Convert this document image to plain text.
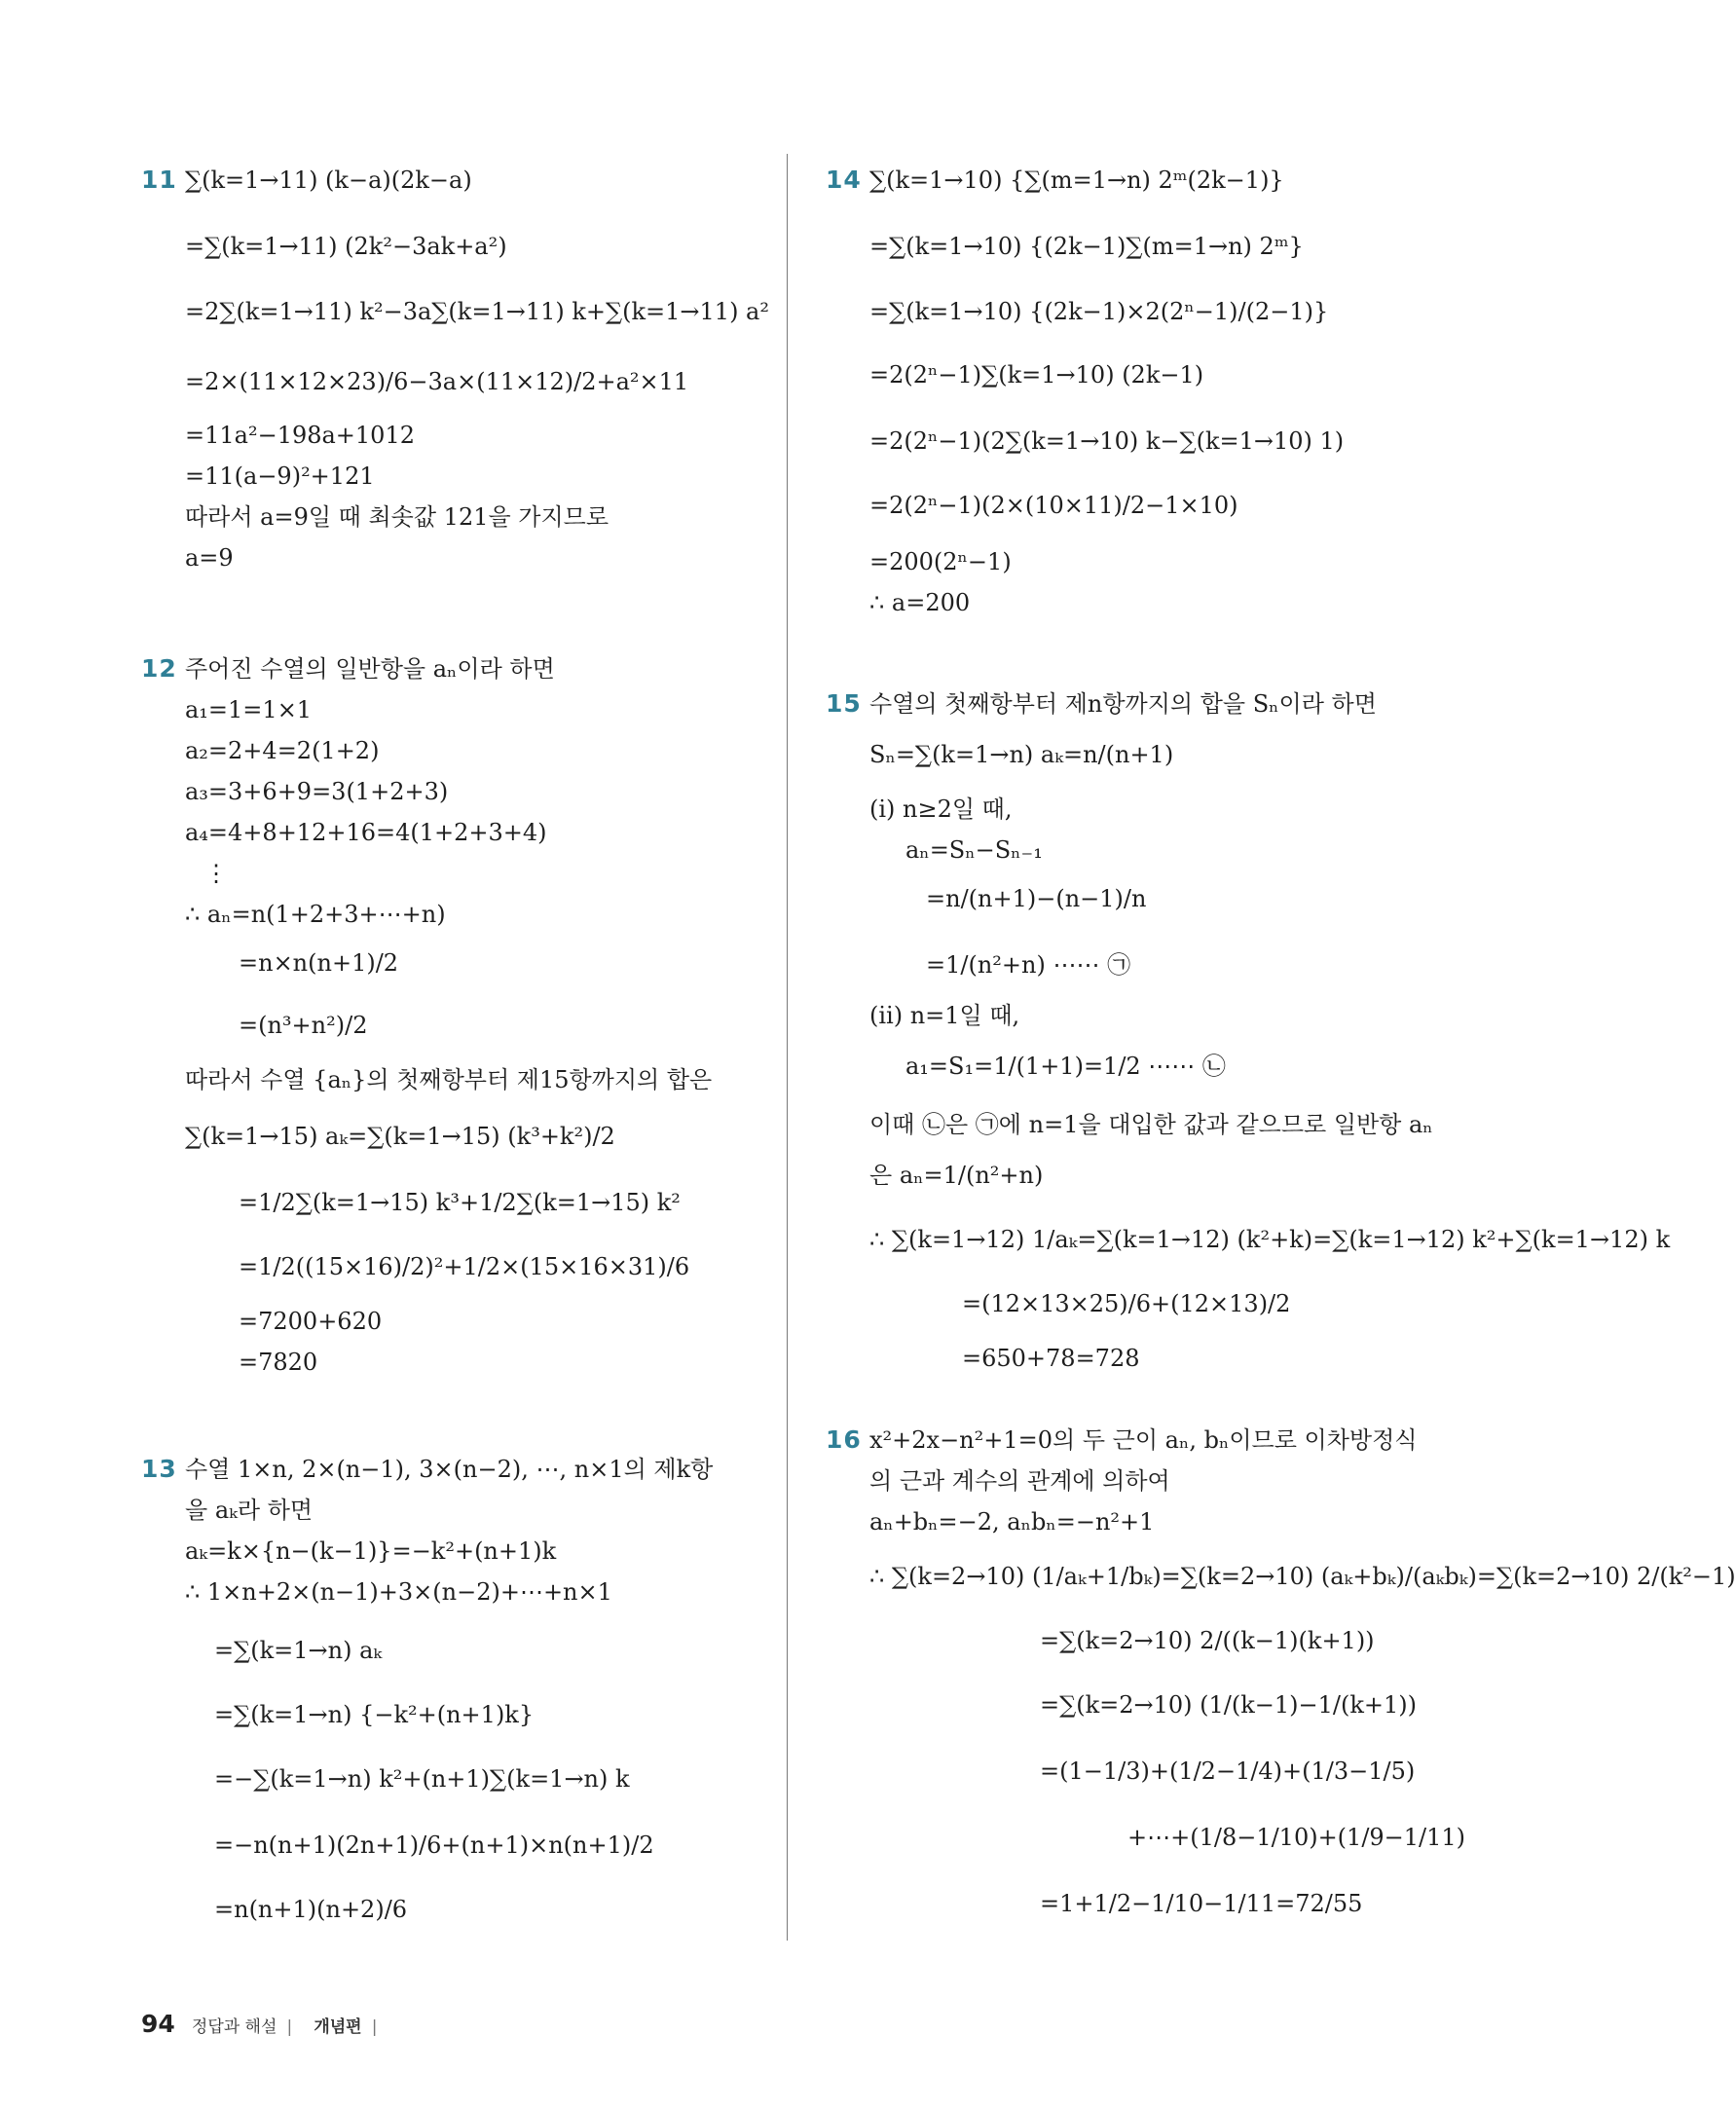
11 ∑(k=1→11) (k−a)(2k−a)
=∑(k=1→11) (2k²−3ak+a²)
=2∑(k=1→11) k²−3a∑(k=1→11) k+∑(k=1→11) a²
=2×(11×12×23)/6−3a×(11×12)/2+a²×11
=11a²−198a+1012
=11(a−9)²+121
따라서 a=9일 때 최솟값 121을 가지므로
a=9
12 주어진 수열의 일반항을 aₙ이라 하면
a₁=1=1×1
a₂=2+4=2(1+2)
a₃=3+6+9=3(1+2+3)
a₄=4+8+12+16=4(1+2+3+4)
⋮
∴ aₙ=n(1+2+3+⋯+n)
=n×n(n+1)/2
=(n³+n²)/2
따라서 수열 {aₙ}의 첫째항부터 제15항까지의 합은
∑(k=1→15) aₖ=∑(k=1→15) (k³+k²)/2
=1/2∑(k=1→15) k³+1/2∑(k=1→15) k²
=1/2((15×16)/2)²+1/2×(15×16×31)/6
=7200+620
=7820
13 수열 1×n, 2×(n−1), 3×(n−2), ⋯, n×1의 제k항
을 aₖ라 하면
aₖ=k×{n−(k−1)}=−k²+(n+1)k
∴ 1×n+2×(n−1)+3×(n−2)+⋯+n×1
=∑(k=1→n) aₖ
=∑(k=1→n) {−k²+(n+1)k}
=−∑(k=1→n) k²+(n+1)∑(k=1→n) k
=−n(n+1)(2n+1)/6+(n+1)×n(n+1)/2
=n(n+1)(n+2)/6
14 ∑(k=1→10) {∑(m=1→n) 2ᵐ(2k−1)}
=∑(k=1→10) {(2k−1)∑(m=1→n) 2ᵐ}
=∑(k=1→10) {(2k−1)×2(2ⁿ−1)/(2−1)}
=2(2ⁿ−1)∑(k=1→10) (2k−1)
=2(2ⁿ−1)(2∑(k=1→10) k−∑(k=1→10) 1)
=2(2ⁿ−1)(2×(10×11)/2−1×10)
=200(2ⁿ−1)
∴ a=200
15 수열의 첫째항부터 제n항까지의 합을 Sₙ이라 하면
Sₙ=∑(k=1→n) aₖ=n/(n+1)
(ⅰ) n≥2일 때,
aₙ=Sₙ−Sₙ₋₁
=n/(n+1)−(n−1)/n
=1/(n²+n) ⋯⋯ ㉠
(ⅱ) n=1일 때,
a₁=S₁=1/(1+1)=1/2 ⋯⋯ ㉡
이때 ㉡은 ㉠에 n=1을 대입한 값과 같으므로 일반항 aₙ
은 aₙ=1/(n²+n)
∴ ∑(k=1→12) 1/aₖ=∑(k=1→12) (k²+k)=∑(k=1→12) k²+∑(k=1→12) k
=(12×13×25)/6+(12×13)/2
=650+78=728
16 x²+2x−n²+1=0의 두 근이 aₙ, bₙ이므로 이차방정식
의 근과 계수의 관계에 의하여
aₙ+bₙ=−2, aₙbₙ=−n²+1
∴ ∑(k=2→10) (1/aₖ+1/bₖ)=∑(k=2→10) (aₖ+bₖ)/(aₖbₖ)=∑(k=2→10) 2/(k²−1)
=∑(k=2→10) 2/((k−1)(k+1))
=∑(k=2→10) (1/(k−1)−1/(k+1))
=(1−1/3)+(1/2−1/4)+(1/3−1/5)
+⋯+(1/8−1/10)+(1/9−1/11)
=1+1/2−1/10−1/11=72/55
94 정답과 해설 | 개념편 |
